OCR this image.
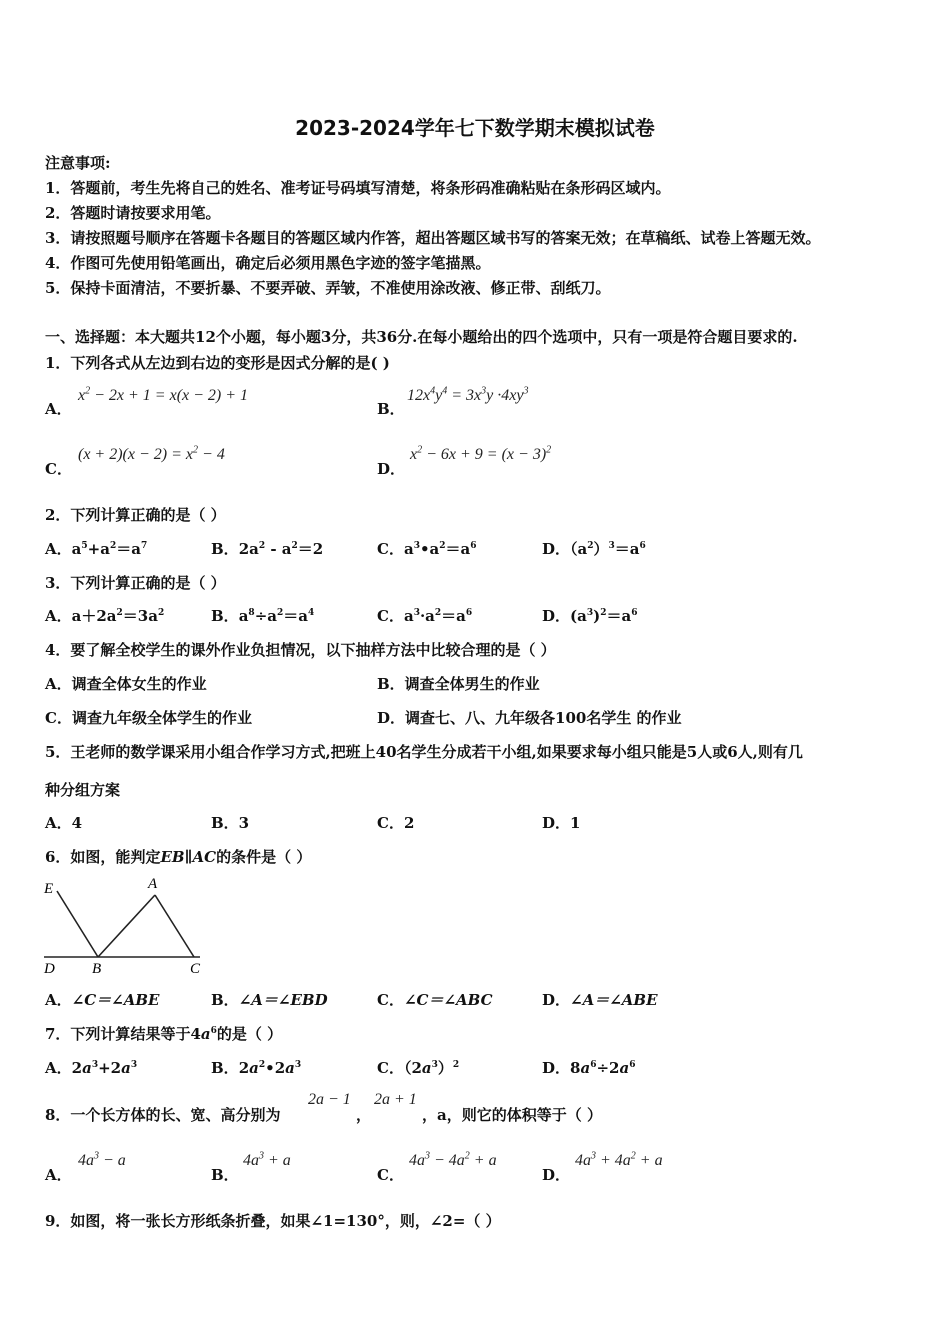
2023-2024学年七下数学期末模拟试卷
注意事项:
1．答题前，考生先将自己的姓名、准考证号码填写清楚，将条形码准确粘贴在条形码区域内。
2．答题时请按要求用笔。
3．请按照题号顺序在答题卡各题目的答题区域内作答，超出答题区域书写的答案无效；在草稿纸、试卷上答题无效。
4．作图可先使用铅笔画出，确定后必须用黑色字迹的签字笔描黑。
5．保持卡面清洁，不要折暴、不要弄破、弄皱，不准使用涂改液、修正带、刮纸刀。
一、选择题：本大题共12个小题，每小题3分，共36分.在每小题给出的四个选项中，只有一项是符合题目要求的.
1．下列各式从左边到右边的变形是因式分解的是( )
A．
$x^2 - 2x + 1 = x(x - 2) + 1$
B．
$12x^4y^4 = 3x^3y \cdot 4xy^3$
C．
$(x + 2)(x - 2) = x^2 - 4$
D．
$x^2 - 6x + 9 = (x - 3)^2$
2．下列计算正确的是（ ）
A．$a^5+a^2=a^7$	B．$2a^2 - a^2=2$	C．$a^3•a^2=a^6$	D．$(a^2)^3=a^6$
3．下列计算正确的是（ ）
A．$a+2a^2=3a^2$	B．$a^8\div a^2=a^4$	C．$a^3\cdot a^2=a^6$	D．$(a^3)^2=a^6$
4．要了解全校学生的课外作业负担情况，以下抽样方法中比较合理的是（ ）
A．调查全体女生的作业	B．调查全体男生的作业
C．调查九年级全体学生的作业	D．调查七、八、九年级各100名学生 的作业
5．王老师的数学课采用小组合作学习方式,把班上40名学生分成若干小组,如果要求每小组只能是5人或6人,则有几
种分组方案
A．4	B．3	C．2	D．1
6．如图，能判定EB∥AC的条件是（ ）
E	A
D B	C
A．∠C＝∠ABE	B．∠A＝∠EBD	C．∠C＝∠ABC	D．∠A＝∠ABE
7．下列计算结果等于$4a^6$的是（ ）
A．$2a^3+2a^3$	B．$2a^2•2a^3$	C．$(2a^3)^2$	D．$8a^6\div 2a^6$
8．一个长方体的长、宽、高分别为
2a − 1
，
2a + 1
，a，则它的体积等于（ ）
A．
$4a^3 - a$
B．
$4a^3 + a$
C．
$4a^3 - 4a^2 + a$
D．
$4a^3 + 4a^2 + a$
9．如图，将一张长方形纸条折叠，如果∠1=130°，则，∠2=（ ）
